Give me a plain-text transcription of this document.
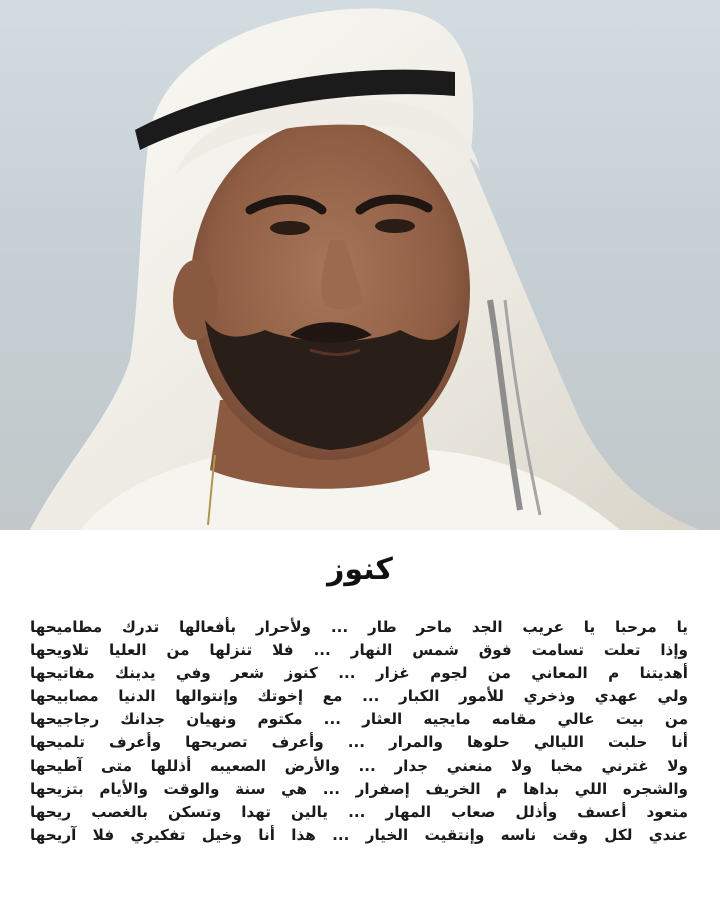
كنوز
يا مرحبا يا عريب الجد ماحر طار ... ولأحرار بأفعالها تدرك مطاميحها
وإذا تعلت تسامت فوق شمس النهار ... فلا تنزلها من العليا تلاويحها
أهديتنا م المعاني من لجوم غزار ... كنوز شعر وفي يدينك مفاتيحها
ولي عهدي وذخري للأمور الكبار ... مع إخوتك وإنتوالها الدنيا مصابيحها
من بيت عالي مقامه مايجيه العثار ... مكتوم ونهيان جدانك رجاجيحها
أنا حلبت الليالي حلوها والمرار ... وأعرف تصريحها وأعرف تلميحها
ولا غترني مخبا ولا منعني جدار ... والأرض الصعيبه أذللها متى آطيحها
والشجره اللي بداها م الخريف إصفرار ... هي سنة والوقت والأيام بتزيحها
متعود أعسف وأذلل صعاب المهار ... يالين تهدا وتسكن بالغصب ريحها
عندي لكل وقت ناسه وإنتقيت الخيار ... هذا أنا وخيل تفكيري فلا آريحها
